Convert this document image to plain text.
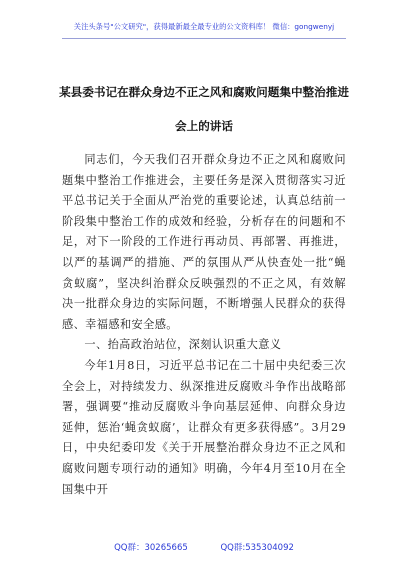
关注头条号"公文研究"，获得最新最全最专业的公文资料库！ 微信：gongwenyj
某县委书记在群众身边不正之风和腐败问题集中整治推进
会上的讲话

同志们，今天我们召开群众身边不正之风和腐败问题集中整治工作推进会，主要任务是深入贯彻落实习近平总书记关于全面从严治党的重要论述，认真总结前一阶段集中整治工作的成效和经验，分析存在的问题和不足，对下一阶段的工作进行再动员、再部署、再推进，以严的基调严的措施、严的氛围从严从快查处一批“蝇贪蚁腐”，坚决纠治群众反映强烈的不正之风，有效解决一批群众身边的实际问题，不断增强人民群众的获得感、幸福感和安全感。

一、抬高政治站位，深刻认识重大意义

今年1月8日，习近平总书记在二十届中央纪委三次全会上，对持续发力、纵深推进反腐败斗争作出战略部署，强调要“推动反腐败斗争向基层延伸、向群众身边延伸，惩治‘蝇贪蚁腐’，让群众有更多获得感”。3月29日，中央纪委印发《关于开展整治群众身边不正之风和腐败问题专项行动的通知》明确，今年4月至10月在全国集中开

QQ群：30265665	QQ群:535304092
